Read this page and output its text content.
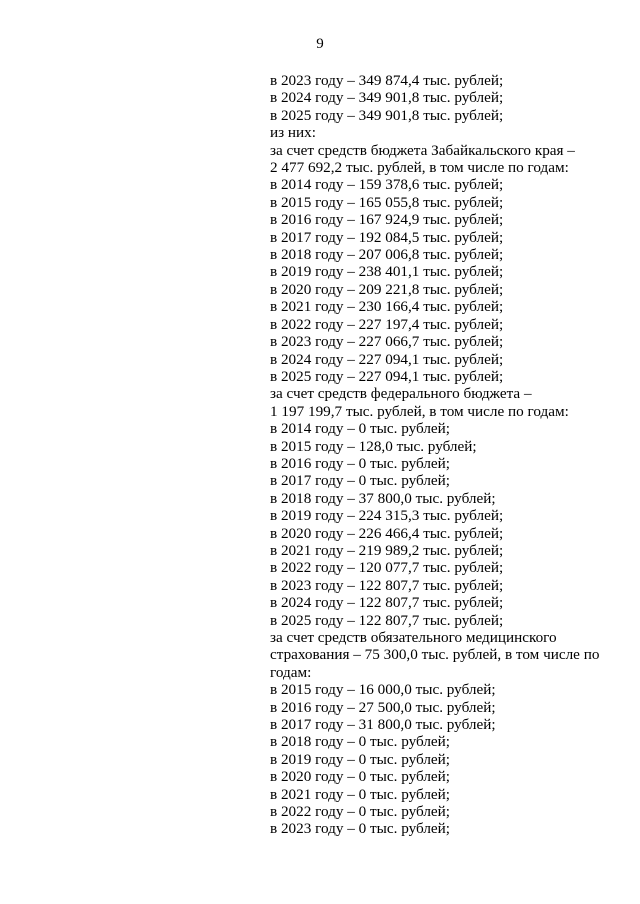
9
в 2023 году – 349 874,4 тыс. рублей;
в 2024 году – 349 901,8 тыс. рублей;
в 2025 году – 349 901,8 тыс. рублей;
из них:
за счет средств бюджета Забайкальского края –
2 477 692,2 тыс. рублей, в том числе по годам:
в 2014 году – 159 378,6 тыс. рублей;
в 2015 году – 165 055,8 тыс. рублей;
в 2016 году – 167 924,9 тыс. рублей;
в 2017 году – 192 084,5 тыс. рублей;
в 2018 году – 207 006,8 тыс. рублей;
в 2019 году – 238 401,1 тыс. рублей;
в 2020 году – 209 221,8 тыс. рублей;
в 2021 году – 230 166,4 тыс. рублей;
в 2022 году – 227 197,4 тыс. рублей;
в 2023 году – 227 066,7 тыс. рублей;
в 2024 году – 227 094,1 тыс. рублей;
в 2025 году – 227 094,1 тыс. рублей;
за счет средств федерального бюджета –
1 197 199,7 тыс. рублей, в том числе по годам:
в 2014 году – 0 тыс. рублей;
в 2015 году – 128,0 тыс. рублей;
в 2016 году – 0 тыс. рублей;
в 2017 году – 0 тыс. рублей;
в 2018 году – 37 800,0 тыс. рублей;
в 2019 году – 224 315,3 тыс. рублей;
в 2020 году – 226 466,4 тыс. рублей;
в 2021 году – 219 989,2 тыс. рублей;
в 2022 году – 120 077,7 тыс. рублей;
в 2023 году – 122 807,7 тыс. рублей;
в 2024 году – 122 807,7 тыс. рублей;
в 2025 году – 122 807,7 тыс. рублей;
за счет средств обязательного медицинского
страхования – 75 300,0 тыс. рублей, в том числе по
годам:
в 2015 году – 16 000,0 тыс. рублей;
в 2016 году – 27 500,0 тыс. рублей;
в 2017 году – 31 800,0 тыс. рублей;
в 2018 году – 0 тыс. рублей;
в 2019 году – 0 тыс. рублей;
в 2020 году – 0 тыс. рублей;
в 2021 году – 0 тыс. рублей;
в 2022 году – 0 тыс. рублей;
в 2023 году – 0 тыс. рублей;
